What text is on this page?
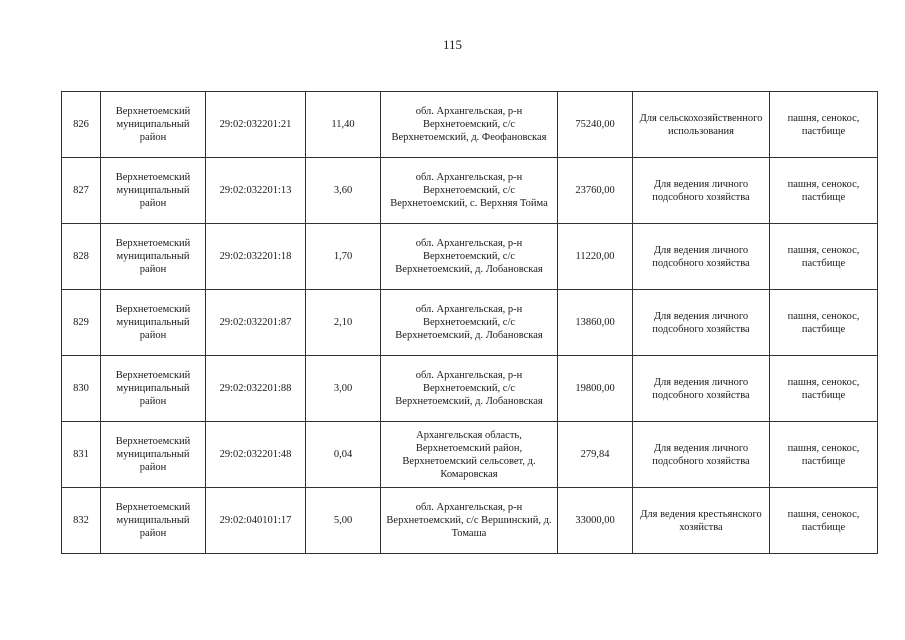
115
826	Верхнетоемский муниципальный район	29:02:032201:21	11,40	обл. Архангельская, р-н Верхнетоемский, с/с Верхнетоемский, д. Феофановская	75240,00	Для сельскохозяйственного использования	пашня, сенокос, пастбище
827	Верхнетоемский муниципальный район	29:02:032201:13	3,60	обл. Архангельская, р-н Верхнетоемский, с/с Верхнетоемский, с. Верхняя Тойма	23760,00	Для ведения личного подсобного хозяйства	пашня, сенокос, пастбище
828	Верхнетоемский муниципальный район	29:02:032201:18	1,70	обл. Архангельская, р-н Верхнетоемский, с/с Верхнетоемский, д. Лобановская	11220,00	Для ведения личного подсобного хозяйства	пашня, сенокос, пастбище
829	Верхнетоемский муниципальный район	29:02:032201:87	2,10	обл. Архангельская, р-н Верхнетоемский, с/с Верхнетоемский, д. Лобановская	13860,00	Для ведения личного подсобного хозяйства	пашня, сенокос, пастбище
830	Верхнетоемский муниципальный район	29:02:032201:88	3,00	обл. Архангельская, р-н Верхнетоемский, с/с Верхнетоемский, д. Лобановская	19800,00	Для ведения личного подсобного хозяйства	пашня, сенокос, пастбище
831	Верхнетоемский муниципальный район	29:02:032201:48	0,04	Архангельская область, Верхнетоемский район, Верхнетоемский сельсовет, д. Комаровская	279,84	Для ведения личного подсобного хозяйства	пашня, сенокос, пастбище
832	Верхнетоемский муниципальный район	29:02:040101:17	5,00	обл. Архангельская, р-н Верхнетоемский, с/с Вершинский, д. Томаша	33000,00	Для ведения крестьянского хозяйства	пашня, сенокос, пастбище
